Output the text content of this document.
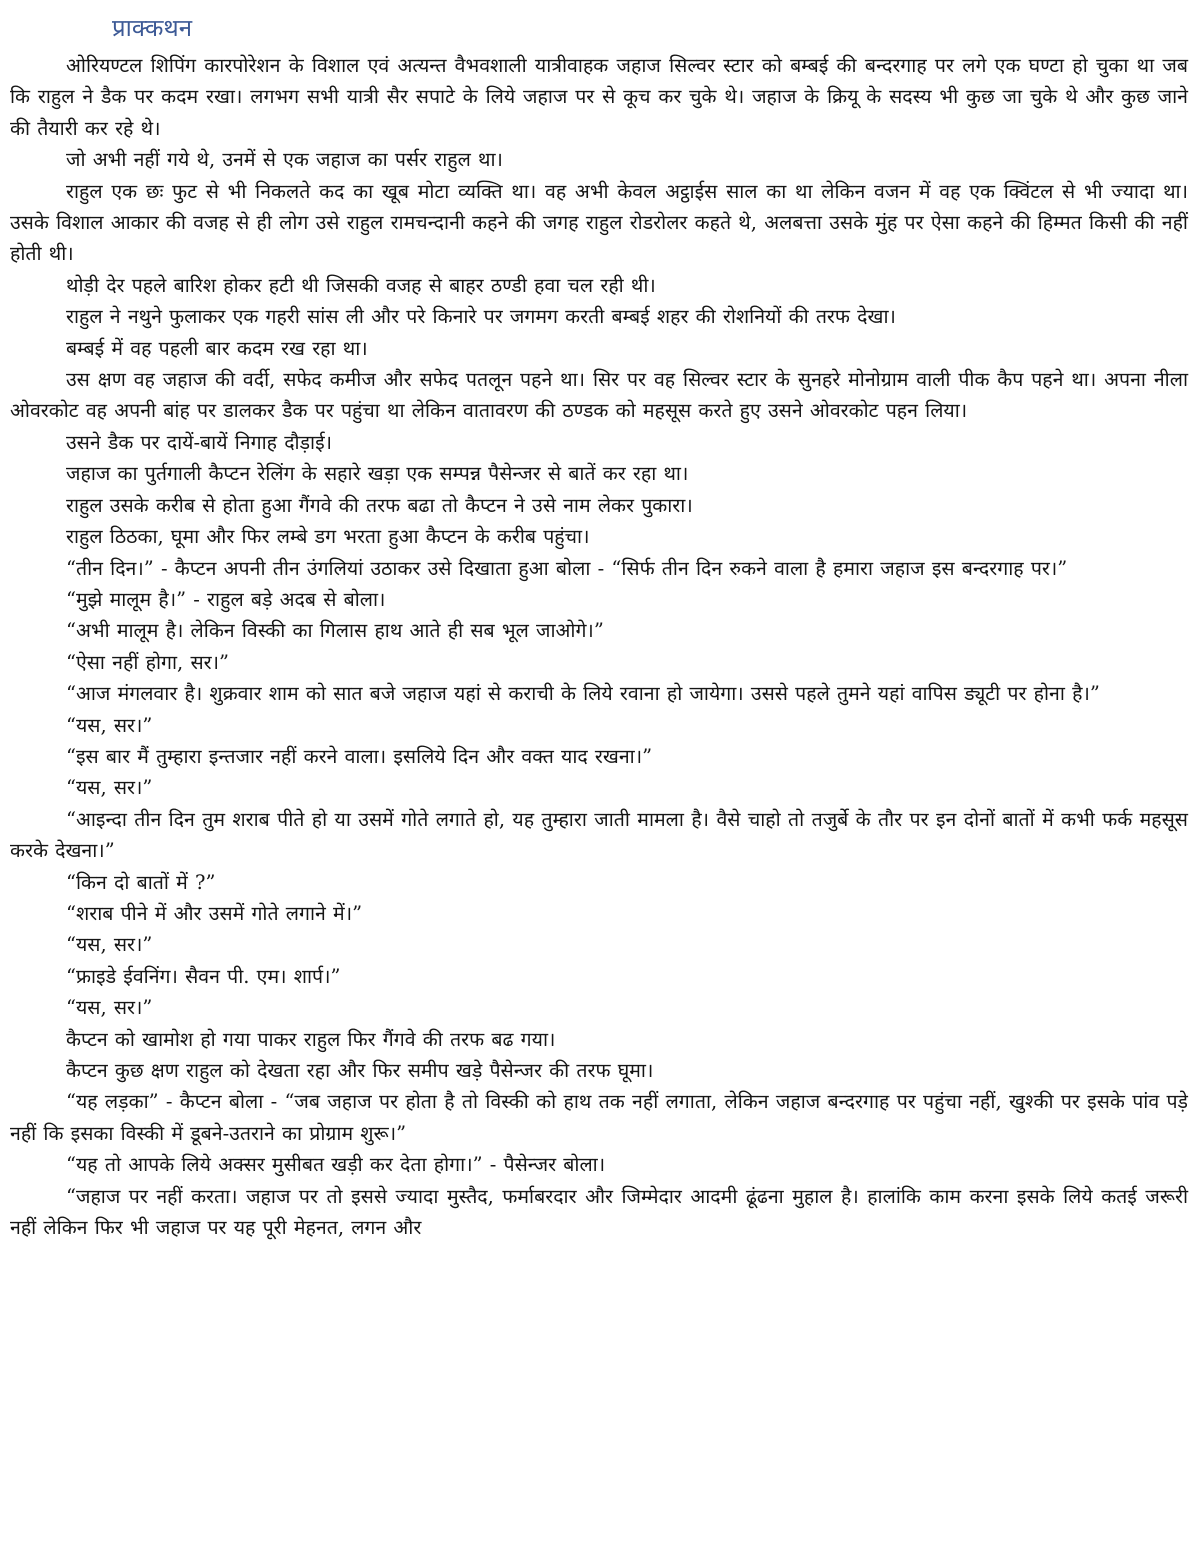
प्राक्कथन

ओरियण्टल शिपिंग कारपोरेशन के विशाल एवं अत्यन्त वैभवशाली यात्रीवाहक जहाज सिल्वर स्टार को बम्बई की बन्दरगाह पर लगे एक घण्टा हो चुका था जब कि राहुल ने डैक पर कदम रखा। लगभग सभी यात्री सैर सपाटे के लिये जहाज पर से कूच कर चुके थे। जहाज के क्रियू के सदस्य भी कुछ जा चुके थे और कुछ जाने की तैयारी कर रहे थे।

जो अभी नहीं गये थे, उनमें से एक जहाज का पर्सर राहुल था।

राहुल एक छः फुट से भी निकलते कद का खूब मोटा व्यक्ति था। वह अभी केवल अट्ठाईस साल का था लेकिन वजन में वह एक क्विंटल से भी ज्यादा था। उसके विशाल आकार की वजह से ही लोग उसे राहुल रामचन्दानी कहने की जगह राहुल रोडरोलर कहते थे, अलबत्ता उसके मुंह पर ऐसा कहने की हिम्मत किसी की नहीं होती थी।

थोड़ी देर पहले बारिश होकर हटी थी जिसकी वजह से बाहर ठण्डी हवा चल रही थी।

राहुल ने नथुने फुलाकर एक गहरी सांस ली और परे किनारे पर जगमग करती बम्बई शहर की रोशनियों की तरफ देखा।

बम्बई में वह पहली बार कदम रख रहा था।

उस क्षण वह जहाज की वर्दी, सफेद कमीज और सफेद पतलून पहने था। सिर पर वह सिल्वर स्टार के सुनहरे मोनोग्राम वाली पीक कैप पहने था। अपना नीला ओवरकोट वह अपनी बांह पर डालकर डैक पर पहुंचा था लेकिन वातावरण की ठण्डक को महसूस करते हुए उसने ओवरकोट पहन लिया।

उसने डैक पर दायें-बायें निगाह दौड़ाई।

जहाज का पुर्तगाली कैप्टन रेलिंग के सहारे खड़ा एक सम्पन्न पैसेन्जर से बातें कर रहा था।

राहुल उसके करीब से होता हुआ गैंगवे की तरफ बढा तो कैप्टन ने उसे नाम लेकर पुकारा।

राहुल ठिठका, घूमा और फिर लम्बे डग भरता हुआ कैप्टन के करीब पहुंचा।

“तीन दिन।” - कैप्टन अपनी तीन उंगलियां उठाकर उसे दिखाता हुआ बोला - “सिर्फ तीन दिन रुकने वाला है हमारा जहाज इस बन्दरगाह पर।”

“मुझे मालूम है।” - राहुल बड़े अदब से बोला।

“अभी मालूम है। लेकिन विस्की का गिलास हाथ आते ही सब भूल जाओगे।”

“ऐसा नहीं होगा, सर।”

“आज मंगलवार है। शुक्रवार शाम को सात बजे जहाज यहां से कराची के लिये रवाना हो जायेगा। उससे पहले तुमने यहां वापिस ड्यूटी पर होना है।”

“यस, सर।”

“इस बार मैं तुम्हारा इन्तजार नहीं करने वाला। इसलिये दिन और वक्त याद रखना।”

“यस, सर।”

“आइन्दा तीन दिन तुम शराब पीते हो या उसमें गोते लगाते हो, यह तुम्हारा जाती मामला है। वैसे चाहो तो तजुर्बे के तौर पर इन दोनों बातों में कभी फर्क महसूस करके देखना।”

“किन दो बातों में ?”

“शराब पीने में और उसमें गोते लगाने में।”

“यस, सर।”

“फ्राइडे ईवनिंग। सैवन पी. एम। शार्प।”

“यस, सर।”

कैप्टन को खामोश हो गया पाकर राहुल फिर गैंगवे की तरफ बढ गया।

कैप्टन कुछ क्षण राहुल को देखता रहा और फिर समीप खड़े पैसेन्जर की तरफ घूमा।

“यह लड़का” - कैप्टन बोला - “जब जहाज पर होता है तो विस्की को हाथ तक नहीं लगाता, लेकिन जहाज बन्दरगाह पर पहुंचा नहीं, खुश्की पर इसके पांव पड़े नहीं कि इसका विस्की में डूबने-उतराने का प्रोग्राम शुरू।”

“यह तो आपके लिये अक्सर मुसीबत खड़ी कर देता होगा।” - पैसेन्जर बोला।

“जहाज पर नहीं करता। जहाज पर तो इससे ज्यादा मुस्तैद, फर्माबरदार और जिम्मेदार आदमी ढूंढना मुहाल है। हालांकि काम करना इसके लिये कतई जरूरी नहीं लेकिन फिर भी जहाज पर यह पूरी मेहनत, लगन और
